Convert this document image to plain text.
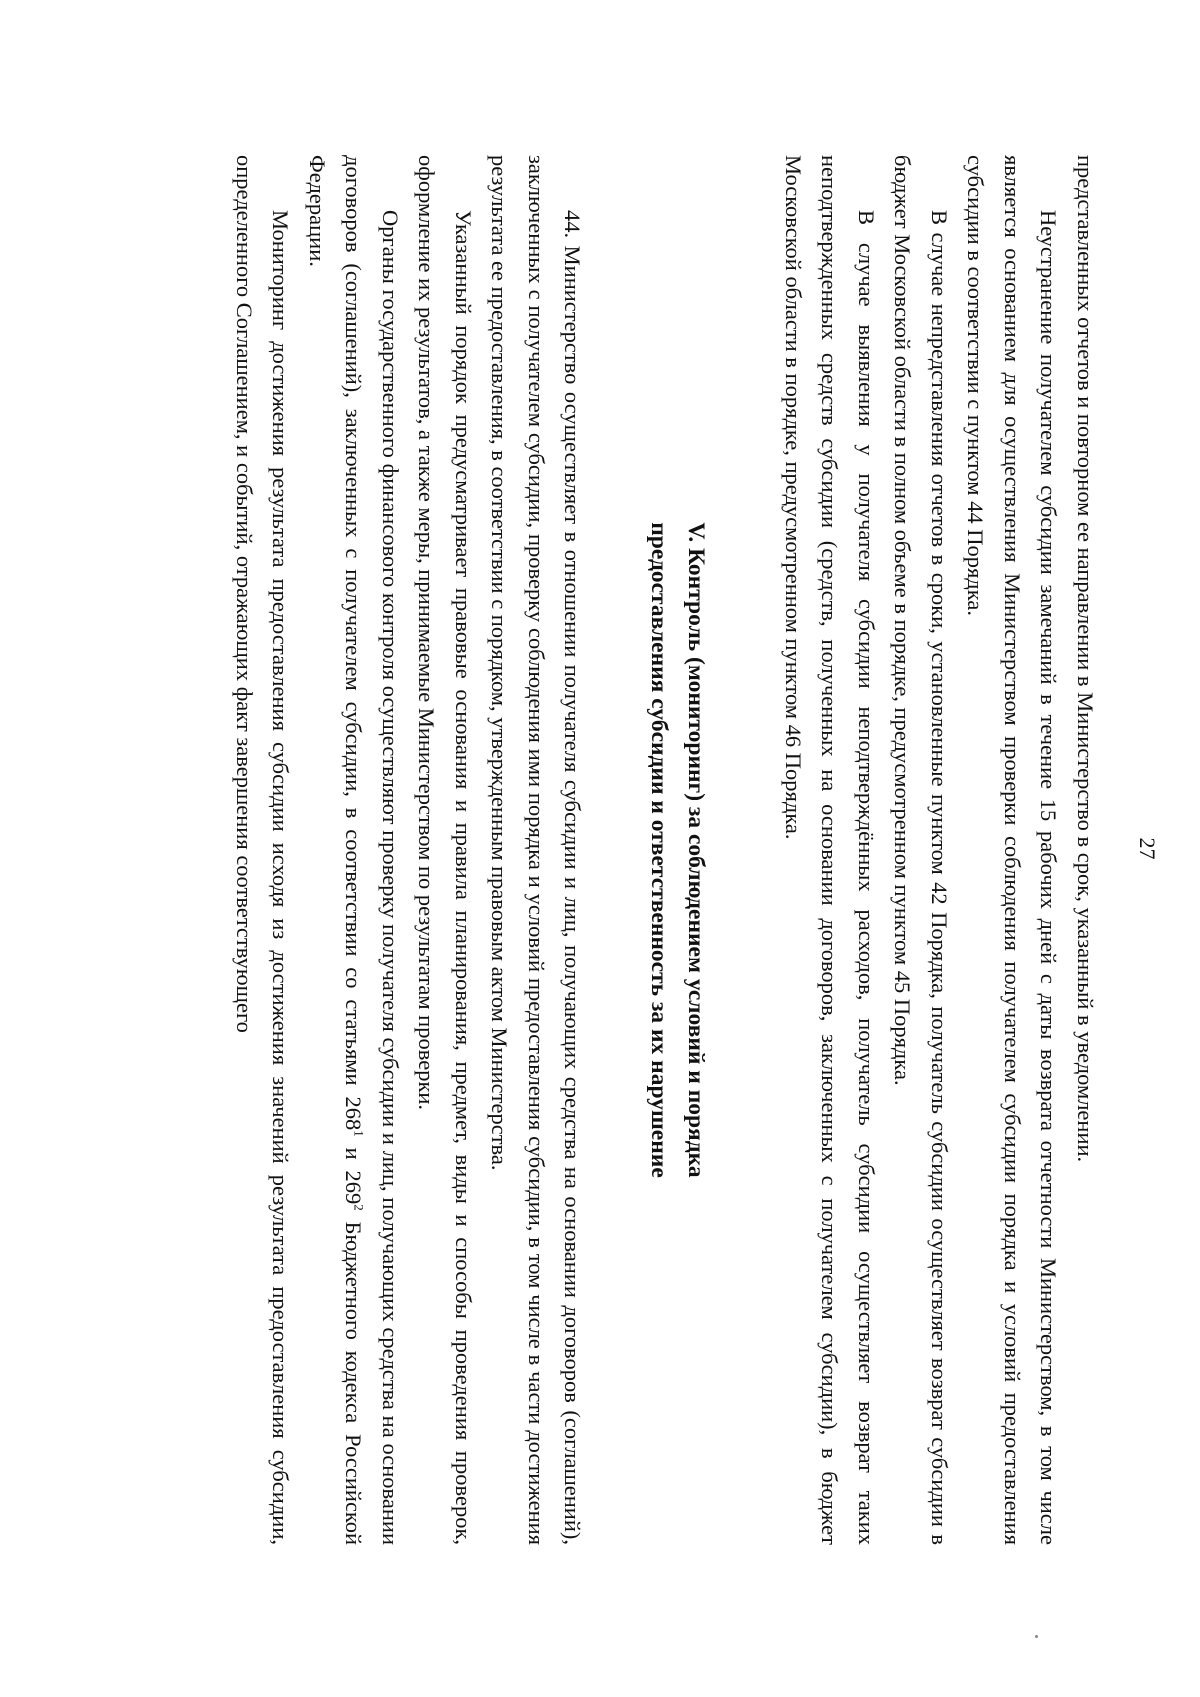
27

представленных отчетов и повторном ее направлении в Министерство в срок, указанный в уведомлении.

Неустранение получателем субсидии замечаний в течение 15 рабочих дней с даты возврата отчетности Министерством, в том числе является основанием для осуществления Министерством проверки соблюдения получателем субсидии порядка и условий предоставления субсидии в соответствии с пунктом 44 Порядка.

В случае непредставления отчетов в сроки, установленные пунктом 42 Порядка, получатель субсидии осуществляет возврат субсидии в бюджет Московской области в полном объеме в порядке, предусмотренном пунктом 45 Порядка.

В случае выявления у получателя субсидии неподтверждённых расходов, получатель субсидии осуществляет возврат таких неподтвержденных средств субсидии (средств, полученных на основании договоров, заключенных с получателем субсидии), в бюджет Московской области в порядке, предусмотренном пунктом 46 Порядка.

V. Контроль (мониторинг) за соблюдением условий и порядка
предоставления субсидии и ответственность за их нарушение

44. Министерство осуществляет в отношении получателя субсидии и лиц, получающих средства на основании договоров (соглашений), заключенных с получателем субсидии, проверку соблюдения ими порядка и условий предоставления субсидии, в том числе в части достижения результата ее предоставления, в соответствии с порядком, утвержденным правовым актом Министерства.

Указанный порядок предусматривает правовые основания и правила планирования, предмет, виды и способы проведения проверок, оформление их результатов, а также меры, принимаемые Министерством по результатам проверки.

Органы государственного финансового контроля осуществляют проверку получателя субсидии и лиц, получающих средства на основании договоров (соглашений), заключенных с получателем субсидии, в соответствии со статьями $268^1$ и $269^2$ Бюджетного кодекса Российской Федерации.

Мониторинг достижения результата предоставления субсидии исходя из достижения значений результата предоставления субсидии, определенного Соглашением, и событий, отражающих факт завершения соответствующего
